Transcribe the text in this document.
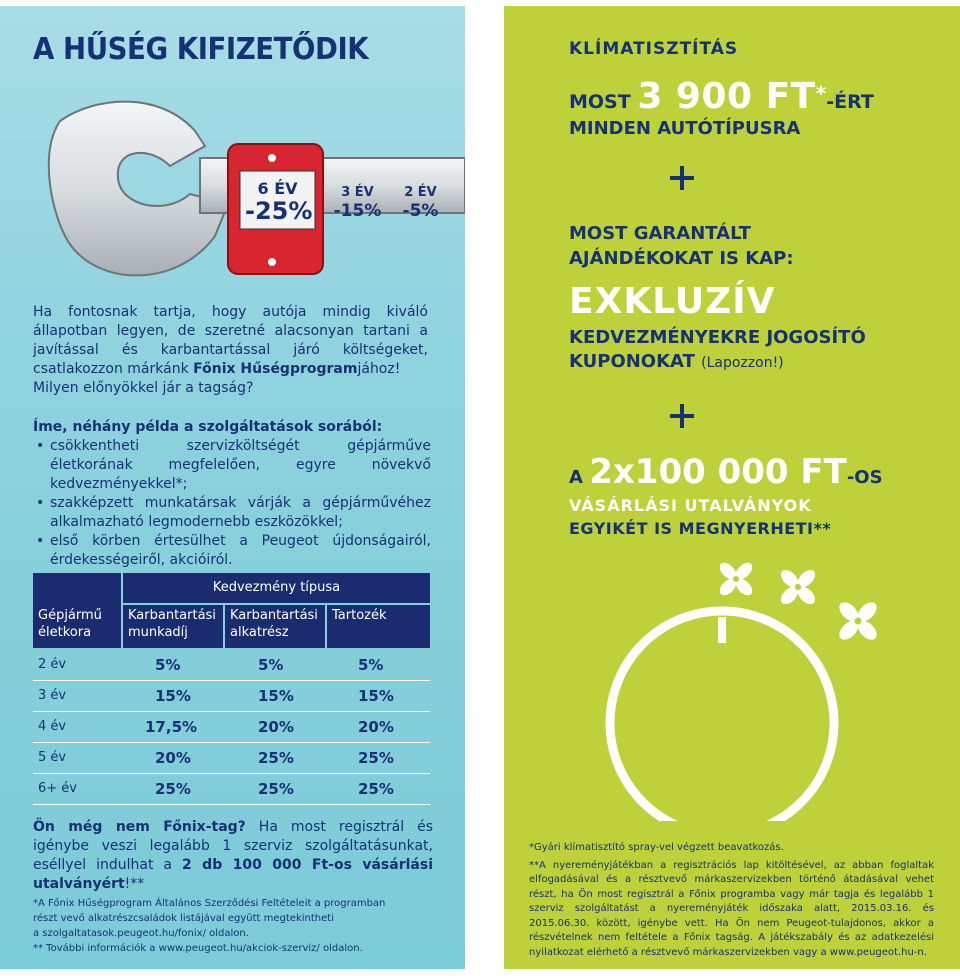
A HŰSÉG KIFIZETŐDIK
6 ÉV
-25%
3 ÉV
-15%
2 ÉV
-5%
Ha fontosnak tartja, hogy autója mindig kiváló állapotban legyen, de szeretné alacsonyan tartani a javítással és karbantartással járó költségeket, csatlakozzon márkánk Főnix Hűségprogramjához!
Milyen előnyökkel jár a tagság?
Íme, néhány példa a szolgáltatások sorából:
• csökkentheti szervizköltségét gépjárműve életkorának megfelelően, egyre növekvő kedvezményekkel*;
• szakképzett munkatársak várják a gépjárművéhez alkalmazható legmodernebb eszközökkel;
• első körben értesülhet a Peugeot újdonságairól, érdekességeiről, akcióiról.
Kedvezmény típusa
Gépjármű
életkora
Karbantartási
munkadíj
Karbantartási
alkatrész
Tartozék
2 év	5%	5%	5%
3 év	15%	15%	15%
4 év	17,5%	20%	20%
5 év	20%	25%	25%
6+ év	25%	25%	25%
Ön még nem Főnix-tag? Ha most regisztrál és igénybe veszi legalább 1 szerviz szolgáltatásunkat, eséllyel indulhat a 2 db 100 000 Ft-os vásárlási utalványért!**
*A Főnix Hűségprogram Általános Szerződési Feltételeit a programban
részt vevő alkatrészcsaládok listájával együtt megtekintheti
a szolgaltatasok.peugeot.hu/fonix/ oldalon.
** További információk a www.peugeot.hu/akciok-szerviz/ oldalon.
KLÍMATISZTÍTÁS
MOST 3 900 FT*-ÉRT
MINDEN AUTÓTÍPUSRA
MOST GARANTÁLT
AJÁNDÉKOKAT IS KAP:
EXKLUZÍV
KEDVEZMÉNYEKRE JOGOSÍTÓ
KUPONOKAT (Lapozzon!)
A 2x100 000 FT-OS
VÁSÁRLÁSI UTALVÁNYOK
EGYIKÉT IS MEGNYERHETI**
*Gyári klímatisztító spray-vel végzett beavatkozás.
**A nyereményjátékban a regisztrációs lap kitöltésével, az abban foglaltak elfogadásával és a résztvevő márkaszervizekben történő átadásával vehet részt, ha Ön most regisztrál a Főnix programba vagy már tagja és legalább 1 szerviz szolgáltatást a nyereményjáték időszaka alatt, 2015.03.16. és 2015.06.30. között, igénybe vett. Ha Ön nem Peugeot-tulajdonos, akkor a részvételnek nem feltétele a Főnix tagság. A játékszabály és az adatkezelési nyilatkozat elérhető a résztvevő márkaszervizekben vagy a www.peugeot.hu-n.
